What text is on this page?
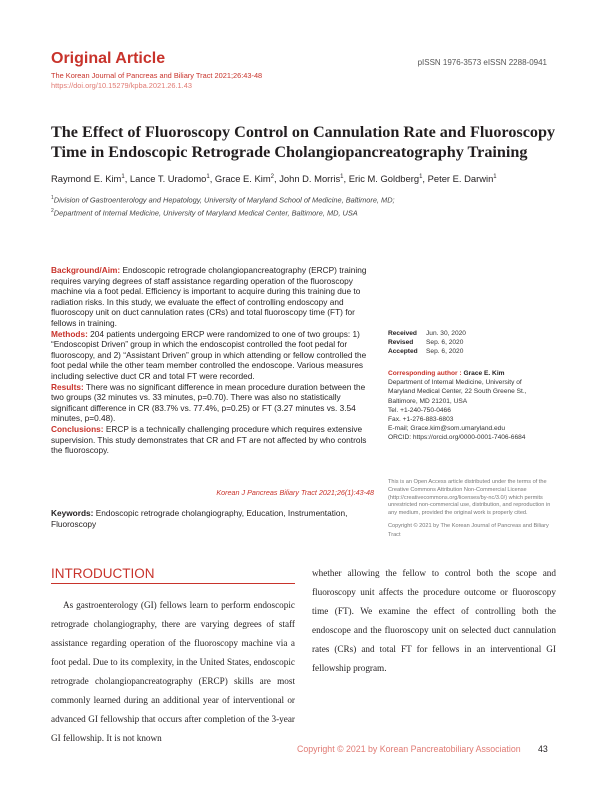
pISSN 1976-3573 eISSN 2288-0941
Original Article
The Korean Journal of Pancreas and Biliary Tract 2021;26:43-48
https://doi.org/10.15279/kpba.2021.26.1.43
The Effect of Fluoroscopy Control on Cannulation Rate and Fluoroscopy Time in Endoscopic Retrograde Cholangiopancreatography Training
Raymond E. Kim$^1$, Lance T. Uradomo$^1$, Grace E. Kim$^2$, John D. Morris$^1$, Eric M. Goldberg$^1$, Peter E. Darwin$^1$
$^1$Division of Gastroenterology and Hepatology, University of Maryland School of Medicine, Baltimore, MD;
$^2$Department of Internal Medicine, University of Maryland Medical Center, Baltimore, MD, USA
Background/Aim: Endoscopic retrograde cholangiopancreatography (ERCP) training requires varying degrees of staff assistance regarding operation of the fluoroscopy machine via a foot pedal. Efficiency is important to acquire during this training due to radiation risks. In this study, we evaluate the effect of controlling endoscopy and fluoroscopy unit on duct cannulation rates (CRs) and total fluoroscopy time (FT) for fellows in training.
Methods: 204 patients undergoing ERCP were randomized to one of two groups: 1) “Endoscopist Driven” group in which the endoscopist controlled the foot pedal for fluoroscopy, and 2) “Assistant Driven” group in which attending or fellow controlled the foot pedal while the other team member controlled the endoscope. Various measures including selective duct CR and total FT were recorded.
Results: There was no significant difference in mean procedure duration between the two groups (32 minutes vs. 33 minutes, p=0.70). There was also no statistically significant difference in CR (83.7% vs. 77.4%, p=0.25) or FT (3.27 minutes vs. 3.54 minutes, p=0.48).
Conclusions: ERCP is a technically challenging procedure which requires extensive supervision. This study demonstrates that CR and FT are not affected by who controls the fluoroscopy.
Korean J Pancreas Biliary Tract 2021;26(1):43-48
Keywords: Endoscopic retrograde cholangiography, Education, Instrumentation, Fluoroscopy
Received Jun. 30, 2020
Revised Sep. 6, 2020
Accepted Sep. 6, 2020
Corresponding author : Grace E. Kim
Department of Internal Medicine, University of
Maryland Medical Center, 22 South Greene St.,
Baltimore, MD 21201, USA
Tel. +1-240-750-0466
Fax. +1-276-883-6803
E-mail; Grace.kim@som.umaryland.edu
ORCID: https://orcid.org/0000-0001-7406-6684
This is an Open Access article distributed under the terms of the Creative Commons Attribution Non-Commercial License (http://creativecommons.org/licenses/by-nc/3.0/) which permits unrestricted non-commercial use, distribution, and reproduction in any medium, provided the original work is properly cited.
Copyright © 2021 by The Korean Journal of Pancreas and Biliary Tract
INTRODUCTION

As gastroenterology (GI) fellows learn to perform endoscopic retrograde cholangiography, there are varying degrees of staff assistance regarding operation of the fluoroscopy machine via a foot pedal. Due to its complexity, in the United States, endoscopic retrograde cholangiopancreatography (ERCP) skills are most commonly learned during an additional year of interventional or advanced GI fellowship that occurs after completion of the 3-year GI fellowship. It is not known

whether allowing the fellow to control both the scope and fluoroscopy unit affects the procedure outcome or fluoroscopy time (FT). We examine the effect of controlling both the endoscope and the fluoroscopy unit on selected duct cannulation rates (CRs) and total FT for fellows in an interventional GI fellowship program.

Copyright © 2021 by Korean Pancreatobiliary Association 43
